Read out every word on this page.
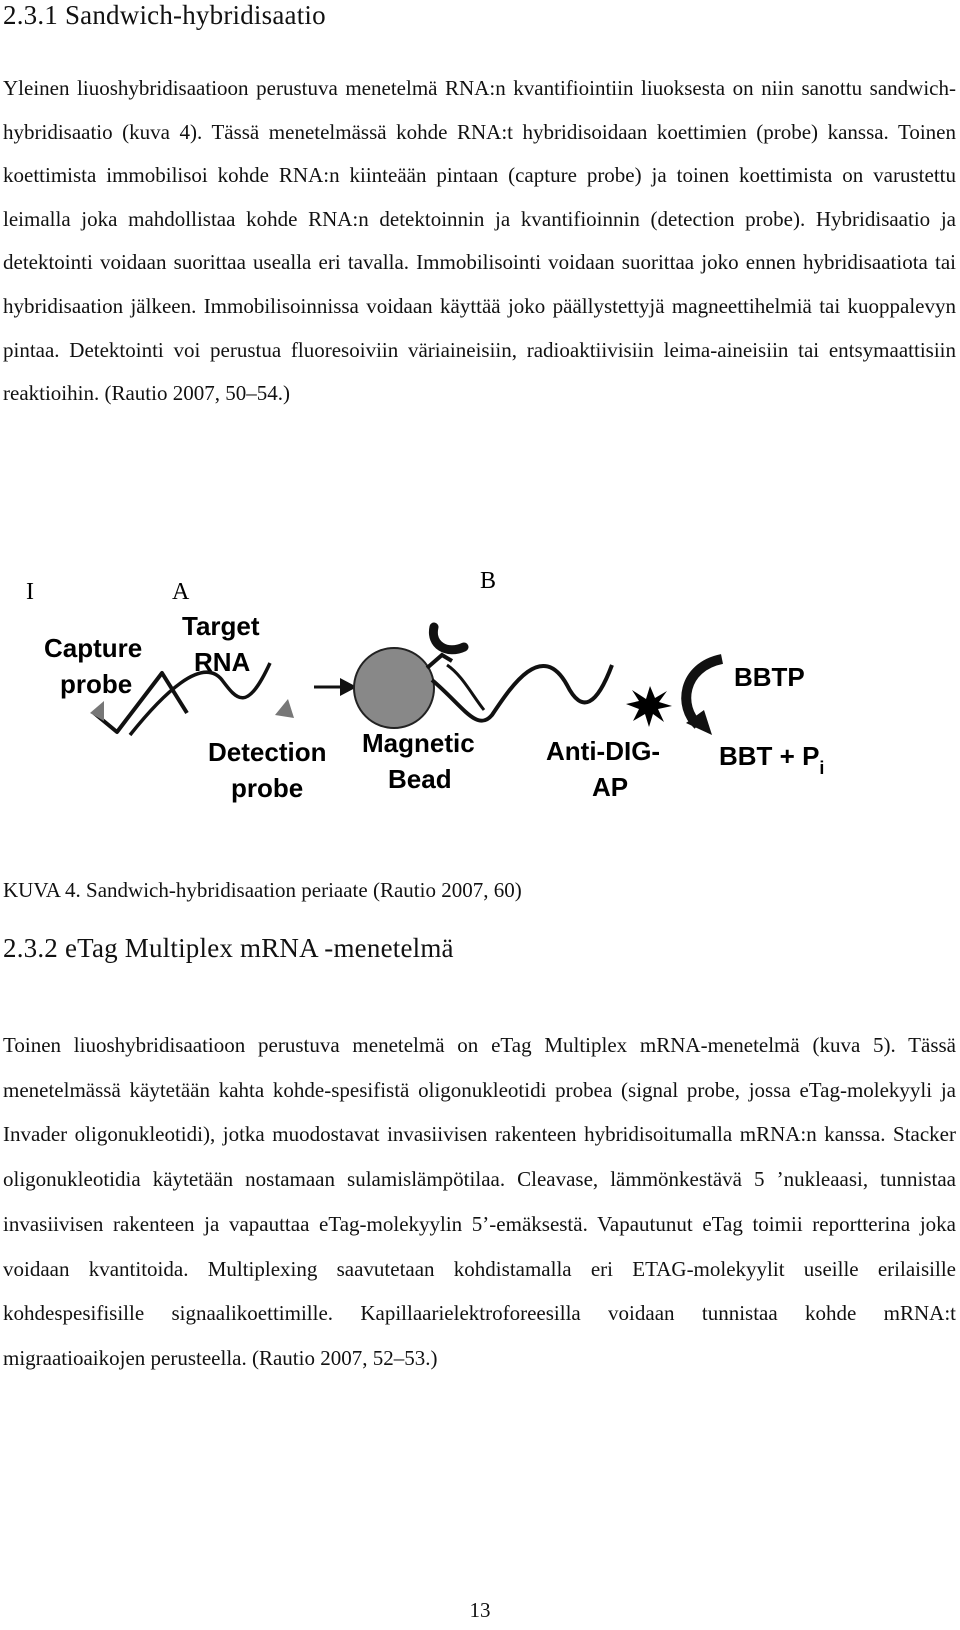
2.3.1 Sandwich-hybridisaatio

Yleinen liuoshybridisaatioon perustuva menetelmä RNA:n kvantifiointiin liuoksesta on niin sanottu sandwich-hybridisaatio (kuva 4). Tässä menetelmässä kohde RNA:t hybridisoidaan koettimien (probe) kanssa. Toinen koettimista immobilisoi kohde RNA:n kiinteään pintaan (capture probe) ja toinen koettimista on varustettu leimalla joka mahdollistaa kohde RNA:n detektoinnin ja kvantifioinnin (detection probe). Hybridisaatio ja detektointi voidaan suorittaa usealla eri tavalla. Immobilisointi voidaan suorittaa joko ennen hybridisaatiota tai hybridisaation jälkeen. Immobilisoinnissa voidaan käyttää joko päällystettyjä magneettihelmiä tai kuoppalevyn pintaa. Detektointi voi perustua fluoresoiviin väriaineisiin, radioaktiivisiin leima-aineisiin tai entsymaattisiin reaktioihin. (Rautio 2007, 50–54.)

I	A	B
Capture
probe
Target
RNA
Detection
probe
Magnetic
Bead
Anti-DIG-
AP
BBTP
BBT + $P_i$

KUVA 4. Sandwich-hybridisaation periaate (Rautio 2007, 60)

2.3.2 eTag Multiplex mRNA -menetelmä

Toinen liuoshybridisaatioon perustuva menetelmä on eTag Multiplex mRNA-menetelmä (kuva 5). Tässä menetelmässä käytetään kahta kohde-spesifistä oligonukleotidi probea (signal probe, jossa eTag-molekyyli ja Invader oligonukleotidi), jotka muodostavat invasiivisen rakenteen hybridisoitumalla mRNA:n kanssa. Stacker oligonukleotidia käytetään nostamaan sulamislämpötilaa. Cleavase, lämmönkestävä 5 ’nukleaasi, tunnistaa invasiivisen rakenteen ja vapauttaa eTag-molekyylin 5’-emäksestä. Vapautunut eTag toimii reportterina joka voidaan kvantitoida. Multiplexing saavutetaan kohdistamalla eri ETAG-molekyylit useille erilaisille kohdespesifisille signaalikoettimille. Kapillaarielektroforeesilla voidaan tunnistaa kohde mRNA:t migraatioaikojen perusteella. (Rautio 2007, 52–53.)

13
